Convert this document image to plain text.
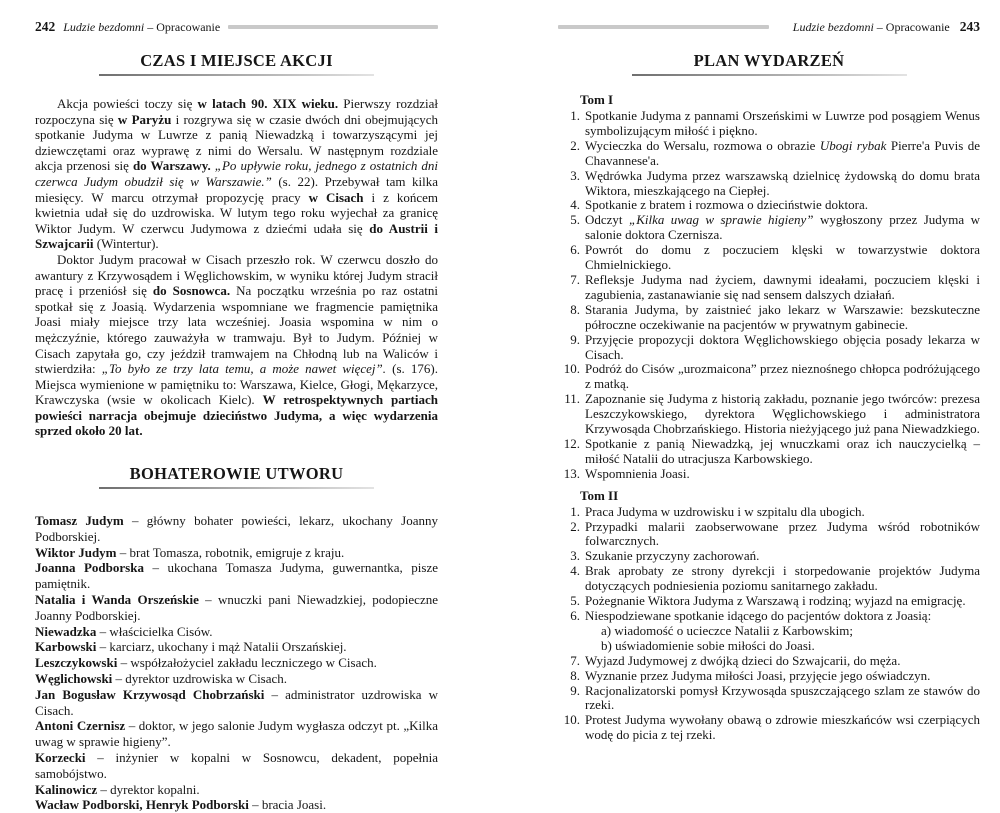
242 Ludzie bezdomni – Opracowanie
CZAS I MIEJSCE AKCJI

Akcja powieści toczy się w latach 90. XIX wieku. Pierwszy rozdział rozpoczyna się w Paryżu i rozgrywa się w czasie dwóch dni obejmujących spotkanie Judyma w Luwrze z panią Niewadzką i towarzyszącymi jej dziewczętami oraz wyprawę z nimi do Wersalu. W następnym rozdziale akcja przenosi się do Warszawy. „Po upływie roku, jednego z ostatnich dni czerwca Judym obudził się w Warszawie.” (s. 22). Przebywał tam kilka miesięcy. W marcu otrzymał propozycję pracy w Cisach i z końcem kwietnia udał się do uzdrowiska. W lutym tego roku wyjechał za granicę Wiktor Judym. W czerwcu Judymowa z dziećmi udała się do Austrii i Szwajcarii (Wintertur).

Doktor Judym pracował w Cisach przeszło rok. W czerwcu doszło do awantury z Krzywosądem i Węglichowskim, w wyniku której Judym stracił pracę i przeniósł się do Sosnowca. Na początku września po raz ostatni spotkał się z Joasią. Wydarzenia wspomniane we fragmencie pamiętnika Joasi miały miejsce trzy lata wcześniej. Joasia wspomina w nim o mężczyźnie, którego zauważyła w tramwaju. Był to Judym. Później w Cisach zapytała go, czy jeździł tramwajem na Chłodną lub na Waliców i stwierdziła: „To było ze trzy lata temu, a może nawet więcej”. (s. 176). Miejsca wymienione w pamiętniku to: Warszawa, Kielce, Głogi, Mękarzyce, Krawczyska (wsie w okolicach Kielc). W retrospektywnych partiach powieści narracja obejmuje dzieciństwo Judyma, a więc wydarzenia sprzed około 20 lat.

BOHATEROWIE UTWORU

Tomasz Judym – główny bohater powieści, lekarz, ukochany Joanny Podborskiej.

Wiktor Judym – brat Tomasza, robotnik, emigruje z kraju.

Joanna Podborska – ukochana Tomasza Judyma, guwernantka, pisze pamiętnik.

Natalia i Wanda Orszeńskie – wnuczki pani Niewadzkiej, podopieczne Joanny Podborskiej.

Niewadzka – właścicielka Cisów.

Karbowski – karciarz, ukochany i mąż Natalii Orszańskiej.

Leszczykowski – współzałożyciel zakładu leczniczego w Cisach.

Węglichowski – dyrektor uzdrowiska w Cisach.

Jan Bogusław Krzywosąd Chobrzański – administrator uzdrowiska w Cisach.

Antoni Czernisz – doktor, w jego salonie Judym wygłasza odczyt pt. „Kilka uwag w sprawie higieny”.

Korzecki – inżynier w kopalni w Sosnowcu, dekadent, popełnia samobójstwo.

Kalinowicz – dyrektor kopalni.

Wacław Podborski, Henryk Podborski – bracia Joasi.

Ludzie bezdomni – Opracowanie 243
PLAN WYDARZEŃ

Tom I

1. Spotkanie Judyma z pannami Orszeńskimi w Luwrze pod posągiem Wenus symbolizującym miłość i piękno.
2. Wycieczka do Wersalu, rozmowa o obrazie Ubogi rybak Pierre'a Puvis de Chavannese'a.
3. Wędrówka Judyma przez warszawską dzielnicę żydowską do domu brata Wiktora, mieszkającego na Ciepłej.
4. Spotkanie z bratem i rozmowa o dzieciństwie doktora.
5. Odczyt „Kilka uwag w sprawie higieny” wygłoszony przez Judyma w salonie doktora Czernisza.
6. Powrót do domu z poczuciem klęski w towarzystwie doktora Chmielnickiego.
7. Refleksje Judyma nad życiem, dawnymi ideałami, poczuciem klęski i zagubienia, zastanawianie się nad sensem dalszych działań.
8. Starania Judyma, by zaistnieć jako lekarz w Warszawie: bezskuteczne półroczne oczekiwanie na pacjentów w prywatnym gabinecie.
9. Przyjęcie propozycji doktora Węglichowskiego objęcia posady lekarza w Cisach.
10. Podróż do Cisów „urozmaicona” przez nieznośnego chłopca podróżującego z matką.
11. Zapoznanie się Judyma z historią zakładu, poznanie jego twórców: prezesa Leszczykowskiego, dyrektora Węglichowskiego i administratora Krzywosąda Chobrzańskiego. Historia nieżyjącego już pana Niewadzkiego.
12. Spotkanie z panią Niewadzką, jej wnuczkami oraz ich nauczycielką – miłość Natalii do utracjusza Karbowskiego.
13. Wspomnienia Joasi.

Tom II

1. Praca Judyma w uzdrowisku i w szpitalu dla ubogich.
2. Przypadki malarii zaobserwowane przez Judyma wśród robotników folwarcznych.
3. Szukanie przyczyny zachorowań.
4. Brak aprobaty ze strony dyrekcji i storpedowanie projektów Judyma dotyczących podniesienia poziomu sanitarnego zakładu.
5. Pożegnanie Wiktora Judyma z Warszawą i rodziną; wyjazd na emigrację.
6. Niespodziewane spotkanie idącego do pacjentów doktora z Joasią:
a) wiadomość o ucieczce Natalii z Karbowskim;
b) uświadomienie sobie miłości do Joasi.
7. Wyjazd Judymowej z dwójką dzieci do Szwajcarii, do męża.
8. Wyznanie przez Judyma miłości Joasi, przyjęcie jego oświadczyn.
9. Racjonalizatorski pomysł Krzywosąda spuszczającego szlam ze stawów do rzeki.
10. Protest Judyma wywołany obawą o zdrowie mieszkańców wsi czerpiących wodę do picia z tej rzeki.
